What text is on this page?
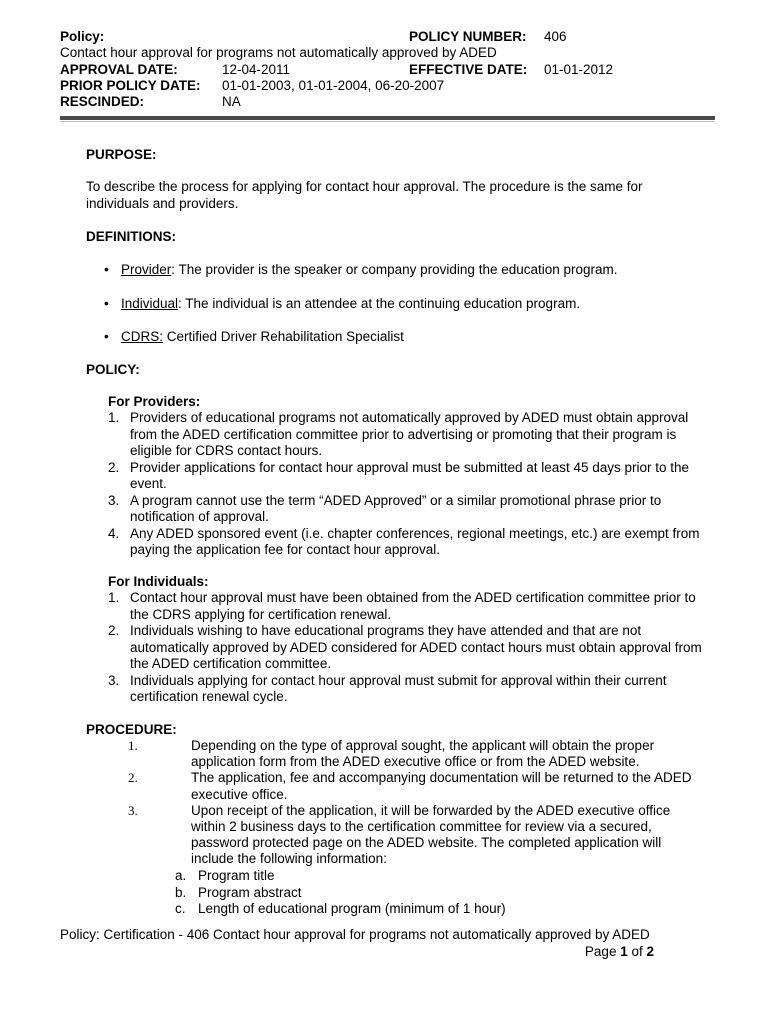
Policy:	POLICY NUMBER: 406
Contact hour approval for programs not automatically approved by ADED
APPROVAL DATE:	12-04-2011	EFFECTIVE DATE: 01-01-2012
PRIOR POLICY DATE: 01-01-2003, 01-01-2004, 06-20-2007
RESCINDED:	NA
PURPOSE:
To describe the process for applying for contact hour approval. The procedure is the same for individuals and providers.
DEFINITIONS:
• Provider: The provider is the speaker or company providing the education program.
• Individual: The individual is an attendee at the continuing education program.
• CDRS: Certified Driver Rehabilitation Specialist
POLICY:
For Providers:
1. Providers of educational programs not automatically approved by ADED must obtain approval from the ADED certification committee prior to advertising or promoting that their program is eligible for CDRS contact hours.
2. Provider applications for contact hour approval must be submitted at least 45 days prior to the event.
3. A program cannot use the term “ADED Approved” or a similar promotional phrase prior to notification of approval.
4. Any ADED sponsored event (i.e. chapter conferences, regional meetings, etc.) are exempt from paying the application fee for contact hour approval.
For Individuals:
1. Contact hour approval must have been obtained from the ADED certification committee prior to the CDRS applying for certification renewal.
2. Individuals wishing to have educational programs they have attended and that are not automatically approved by ADED considered for ADED contact hours must obtain approval from the ADED certification committee.
3. Individuals applying for contact hour approval must submit for approval within their current certification renewal cycle.
PROCEDURE:
1.	Depending on the type of approval sought, the applicant will obtain the proper application form from the ADED executive office or from the ADED website.
2.	The application, fee and accompanying documentation will be returned to the ADED executive office.
3.	Upon receipt of the application, it will be forwarded by the ADED executive office within 2 business days to the certification committee for review via a secured, password protected page on the ADED website. The completed application will include the following information:
a. Program title
b. Program abstract
c. Length of educational program (minimum of 1 hour)
Policy: Certification - 406 Contact hour approval for programs not automatically approved by ADED
Page 1 of 2
